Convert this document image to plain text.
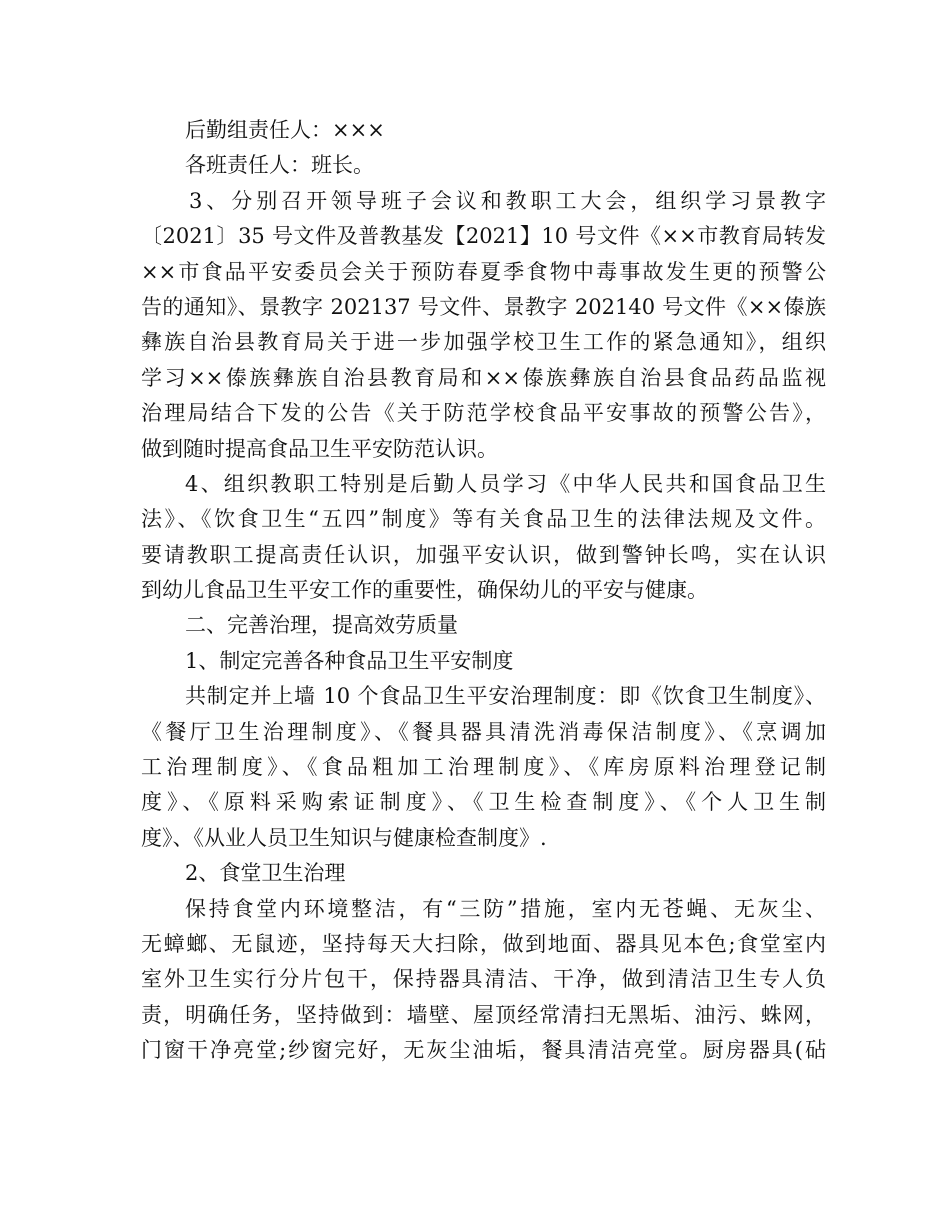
后勤组责任人：×××
各班责任人：班长。
3、分别召开领导班子会议和教职工大会，组织学习景教字
〔2021〕35 号文件及普教基发【2021】10 号文件《××市教育局转发
××市食品平安委员会关于预防春夏季食物中毒事故发生更的预警公
告的通知》、景教字 202137 号文件、景教字 202140 号文件《××傣族
彝族自治县教育局关于进一步加强学校卫生工作的紧急通知》，组织
学习××傣族彝族自治县教育局和××傣族彝族自治县食品药品监视
治理局结合下发的公告《关于防范学校食品平安事故的预警公告》，
做到随时提高食品卫生平安防范认识。
4、组织教职工特别是后勤人员学习《中华人民共和国食品卫生
法》、《饮食卫生“五四”制度》等有关食品卫生的法律法规及文件。
要请教职工提高责任认识，加强平安认识，做到警钟长鸣，实在认识
到幼儿食品卫生平安工作的重要性，确保幼儿的平安与健康。
二、完善治理，提高效劳质量
1、制定完善各种食品卫生平安制度
共制定并上墙 10 个食品卫生平安治理制度：即《饮食卫生制度》、
《餐厅卫生治理制度》、《餐具器具清洗消毒保洁制度》、《烹调加
工治理制度》、《食品粗加工治理制度》、《库房原料治理登记制
度》、《原料采购索证制度》、《卫生检查制度》、《个人卫生制
度》、《从业人员卫生知识与健康检查制度》.
2、食堂卫生治理
保持食堂内环境整洁，有“三防”措施，室内无苍蝇、无灰尘、
无蟑螂、无鼠迹，坚持每天大扫除，做到地面、器具见本色;食堂室内
室外卫生实行分片包干，保持器具清洁、干净，做到清洁卫生专人负
责，明确任务，坚持做到：墙壁、屋顶经常清扫无黑垢、油污、蛛网，
门窗干净亮堂;纱窗完好，无灰尘油垢，餐具清洁亮堂。厨房器具(砧
